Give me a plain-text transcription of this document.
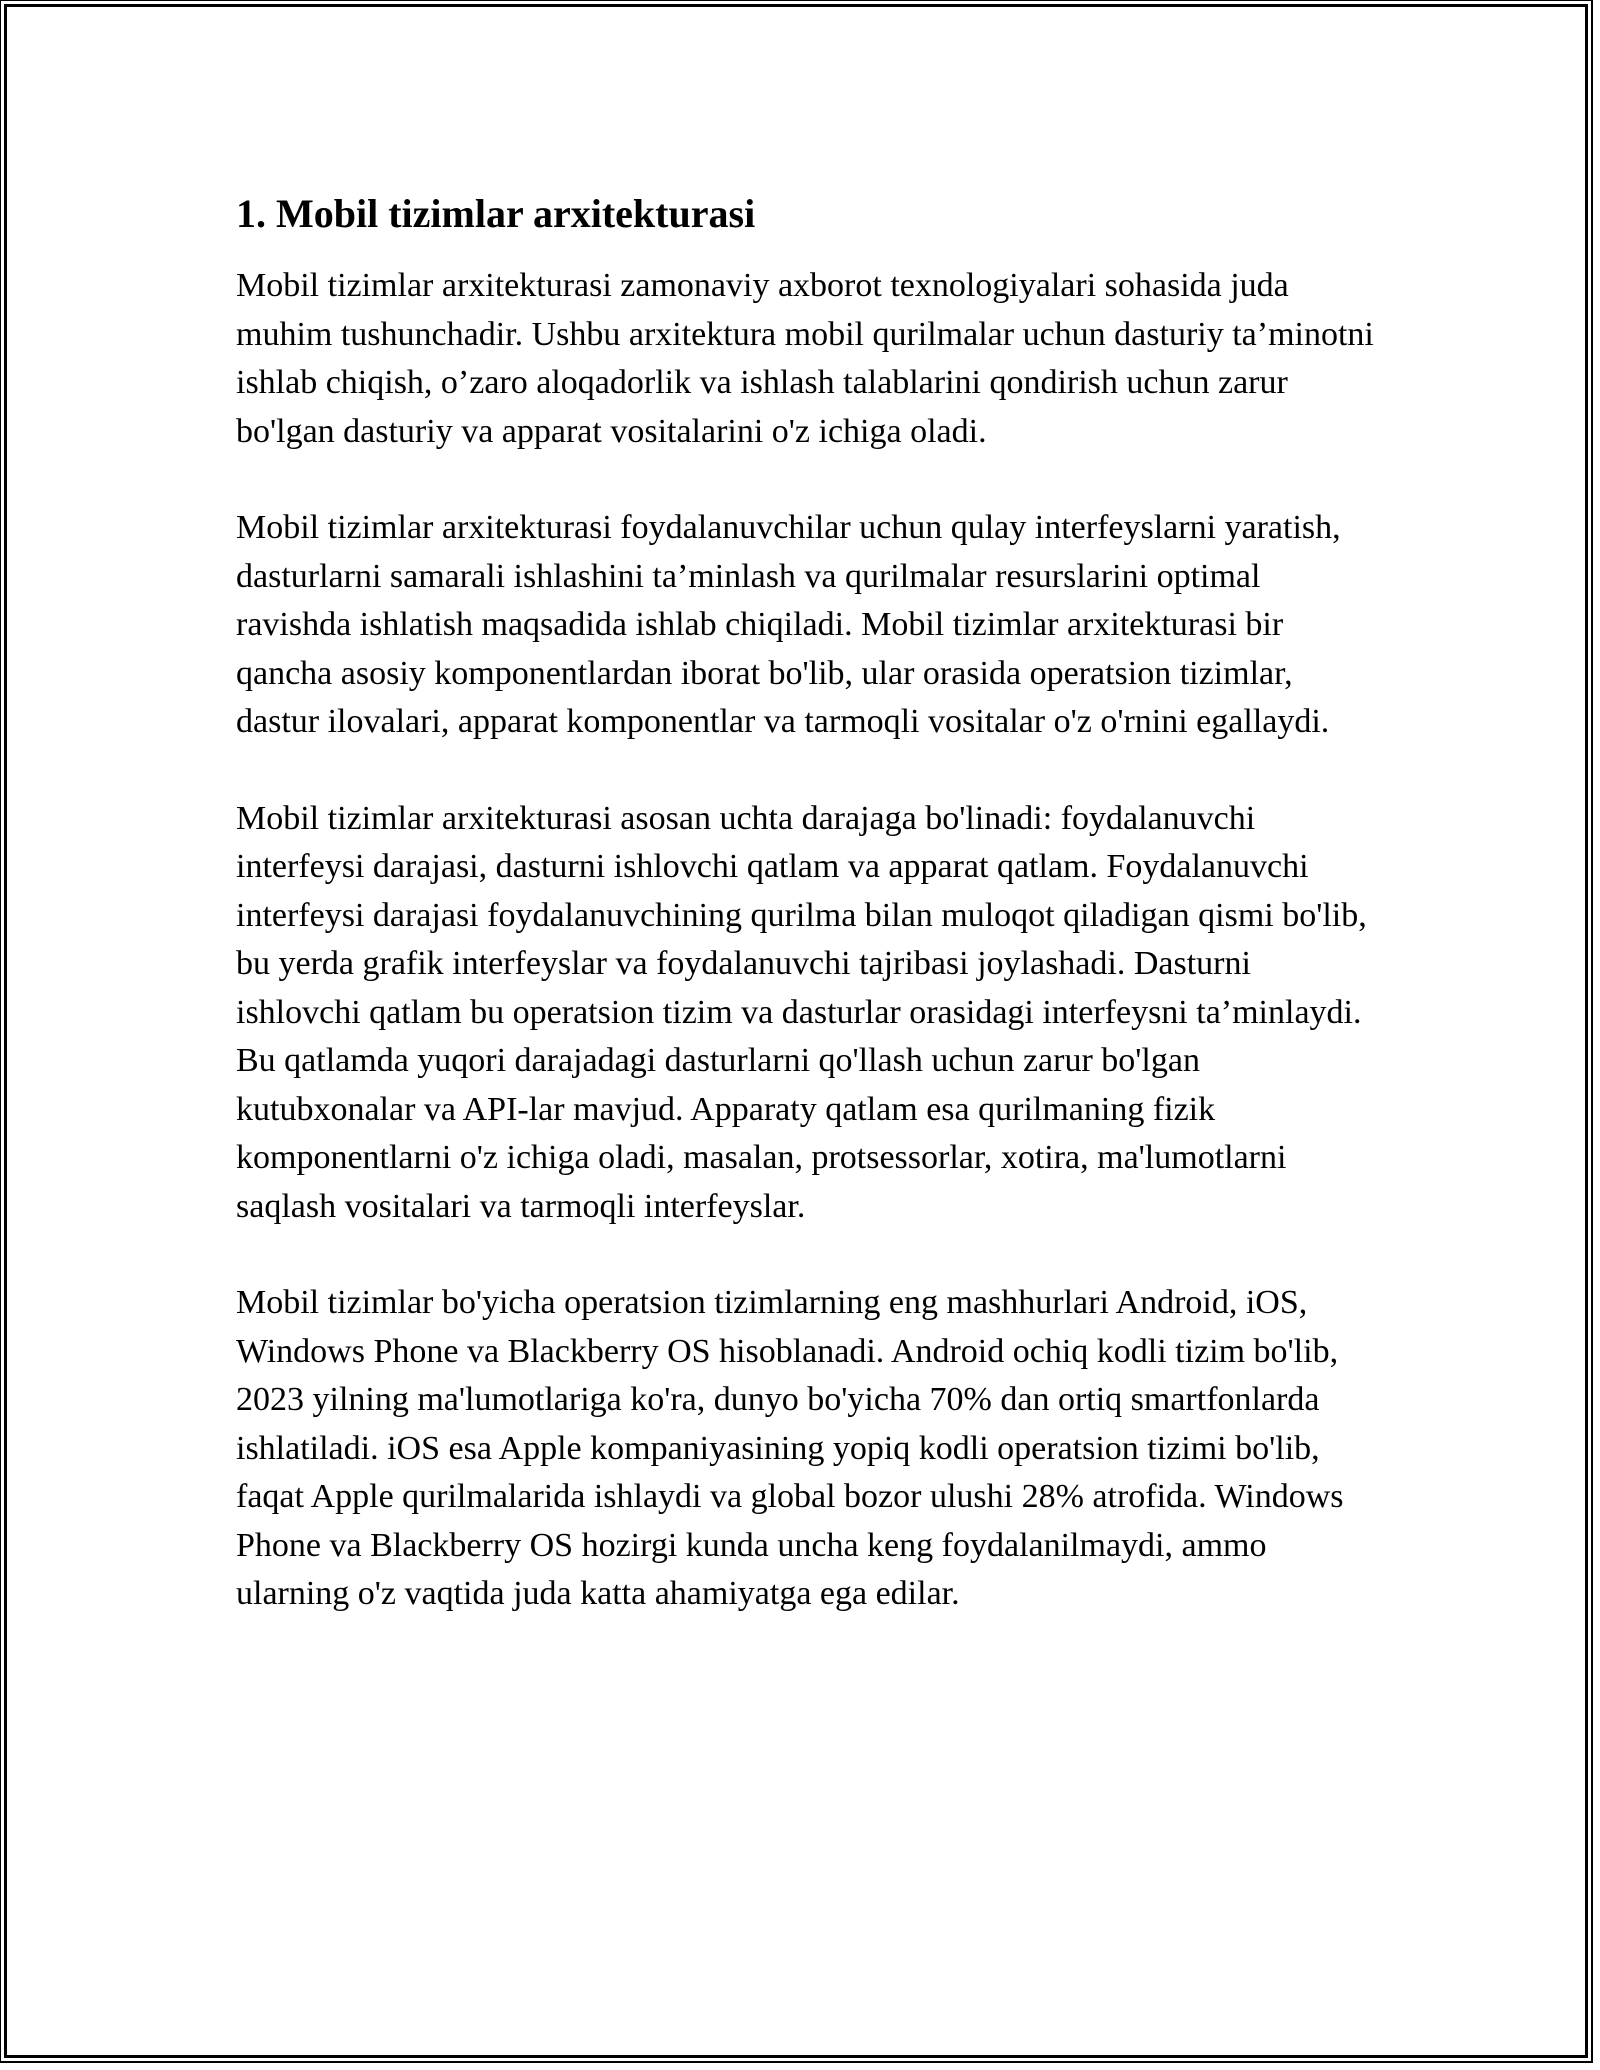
1. Mobil tizimlar arxitekturasi

Mobil tizimlar arxitekturasi zamonaviy axborot texnologiyalari sohasida juda muhim tushunchadir. Ushbu arxitektura mobil qurilmalar uchun dasturiy ta’minotni ishlab chiqish, o’zaro aloqadorlik va ishlash talablarini qondirish uchun zarur bo'lgan dasturiy va apparat vositalarini o'z ichiga oladi.

Mobil tizimlar arxitekturasi foydalanuvchilar uchun qulay interfeyslarni yaratish, dasturlarni samarali ishlashini ta’minlash va qurilmalar resurslarini optimal ravishda ishlatish maqsadida ishlab chiqiladi. Mobil tizimlar arxitekturasi bir qancha asosiy komponentlardan iborat bo'lib, ular orasida operatsion tizimlar, dastur ilovalari, apparat komponentlar va tarmoqli vositalar o'z o'rnini egallaydi.

Mobil tizimlar arxitekturasi asosan uchta darajaga bo'linadi: foydalanuvchi interfeysi darajasi, dasturni ishlovchi qatlam va apparat qatlam. Foydalanuvchi interfeysi darajasi foydalanuvchining qurilma bilan muloqot qiladigan qismi bo'lib, bu yerda grafik interfeyslar va foydalanuvchi tajribasi joylashadi. Dasturni ishlovchi qatlam bu operatsion tizim va dasturlar orasidagi interfeysni ta’minlaydi. Bu qatlamda yuqori darajadagi dasturlarni qo'llash uchun zarur bo'lgan kutubxonalar va API-lar mavjud. Apparaty qatlam esa qurilmaning fizik komponentlarni o'z ichiga oladi, masalan, protsessorlar, xotira, ma'lumotlarni saqlash vositalari va tarmoqli interfeyslar.

Mobil tizimlar bo'yicha operatsion tizimlarning eng mashhurlari Android, iOS, Windows Phone va Blackberry OS hisoblanadi. Android ochiq kodli tizim bo'lib, 2023 yilning ma'lumotlariga ko'ra, dunyo bo'yicha 70% dan ortiq smartfonlarda ishlatiladi. iOS esa Apple kompaniyasining yopiq kodli operatsion tizimi bo'lib, faqat Apple qurilmalarida ishlaydi va global bozor ulushi 28% atrofida. Windows Phone va Blackberry OS hozirgi kunda uncha keng foydalanilmaydi, ammo ularning o'z vaqtida juda katta ahamiyatga ega edilar.
